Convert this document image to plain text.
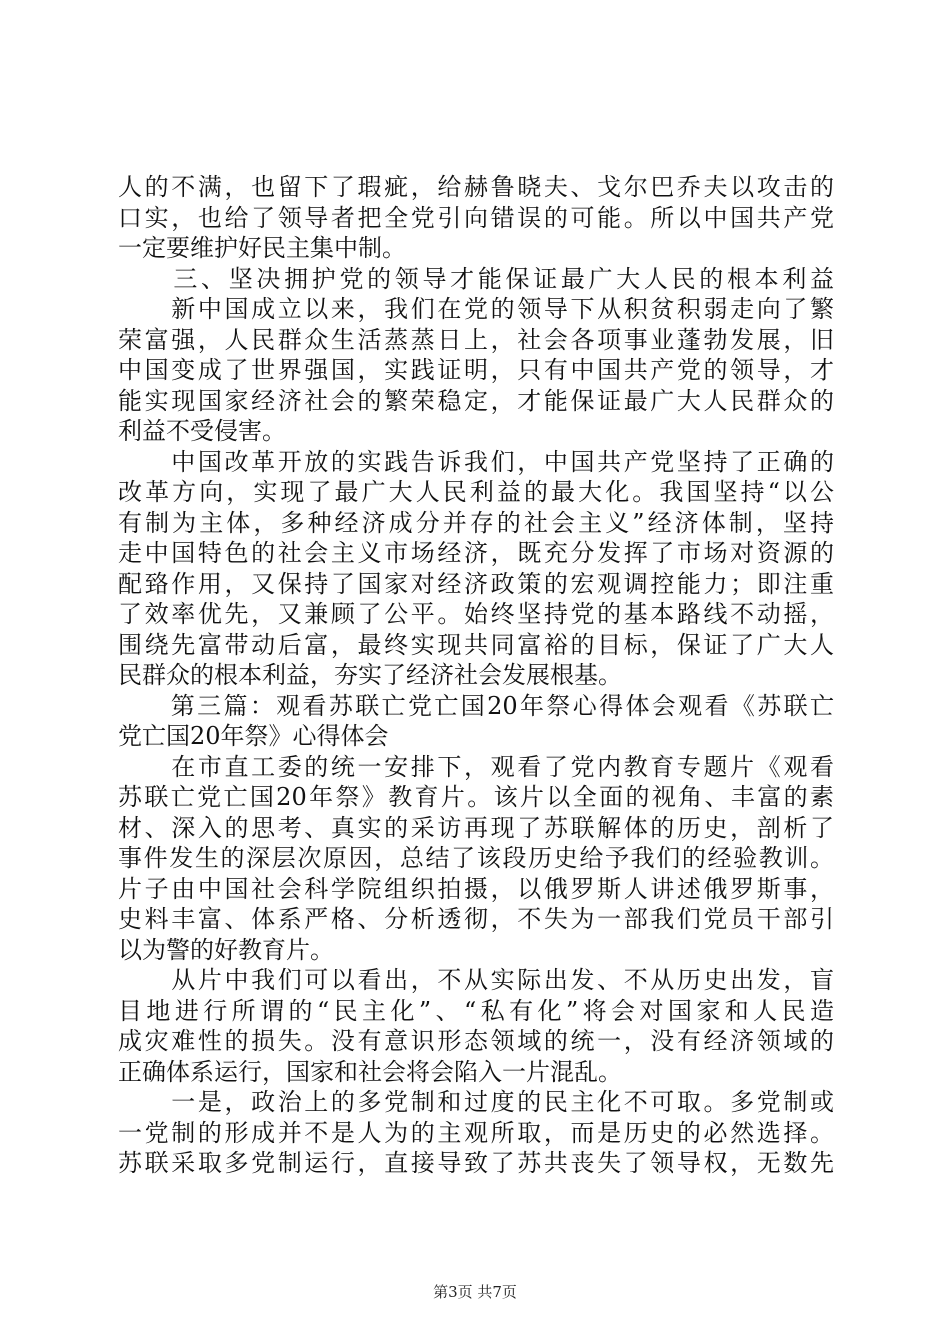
人的不满，也留下了瑕疵，给赫鲁晓夫、戈尔巴乔夫以攻击的
口实，也给了领导者把全党引向错误的可能。所以中国共产党
一定要维护好民主集中制。
　　三、坚决拥护党的领导才能保证最广大人民的根本利益
　　新中国成立以来，我们在党的领导下从积贫积弱走向了繁
荣富强，人民群众生活蒸蒸日上，社会各项事业蓬勃发展，旧
中国变成了世界强国，实践证明，只有中国共产党的领导，才
能实现国家经济社会的繁荣稳定，才能保证最广大人民群众的
利益不受侵害。
　　中国改革开放的实践告诉我们，中国共产党坚持了正确的
改革方向，实现了最广大人民利益的最大化。我国坚持“以公
有制为主体，多种经济成分并存的社会主义”经济体制，坚持
走中国特色的社会主义市场经济，既充分发挥了市场对资源的
配臵作用，又保持了国家对经济政策的宏观调控能力；即注重
了效率优先，又兼顾了公平。始终坚持党的基本路线不动摇，
围绕先富带动后富，最终实现共同富裕的目标，保证了广大人
民群众的根本利益，夯实了经济社会发展根基。
　　第三篇：观看苏联亡党亡国20年祭心得体会观看《苏联亡
党亡国20年祭》心得体会
　　在市直工委的统一安排下，观看了党内教育专题片《观看
苏联亡党亡国20年祭》教育片。该片以全面的视角、丰富的素
材、深入的思考、真实的采访再现了苏联解体的历史，剖析了
事件发生的深层次原因，总结了该段历史给予我们的经验教训。
片子由中国社会科学院组织拍摄，以俄罗斯人讲述俄罗斯事，
史料丰富、体系严格、分析透彻，不失为一部我们党员干部引
以为警的好教育片。
　　从片中我们可以看出，不从实际出发、不从历史出发，盲
目地进行所谓的“民主化”、“私有化”将会对国家和人民造
成灾难性的损失。没有意识形态领域的统一，没有经济领域的
正确体系运行，国家和社会将会陷入一片混乱。
　　一是，政治上的多党制和过度的民主化不可取。多党制或
一党制的形成并不是人为的主观所取，而是历史的必然选择。
苏联采取多党制运行，直接导致了苏共丧失了领导权，无数先
第3页 共7页
